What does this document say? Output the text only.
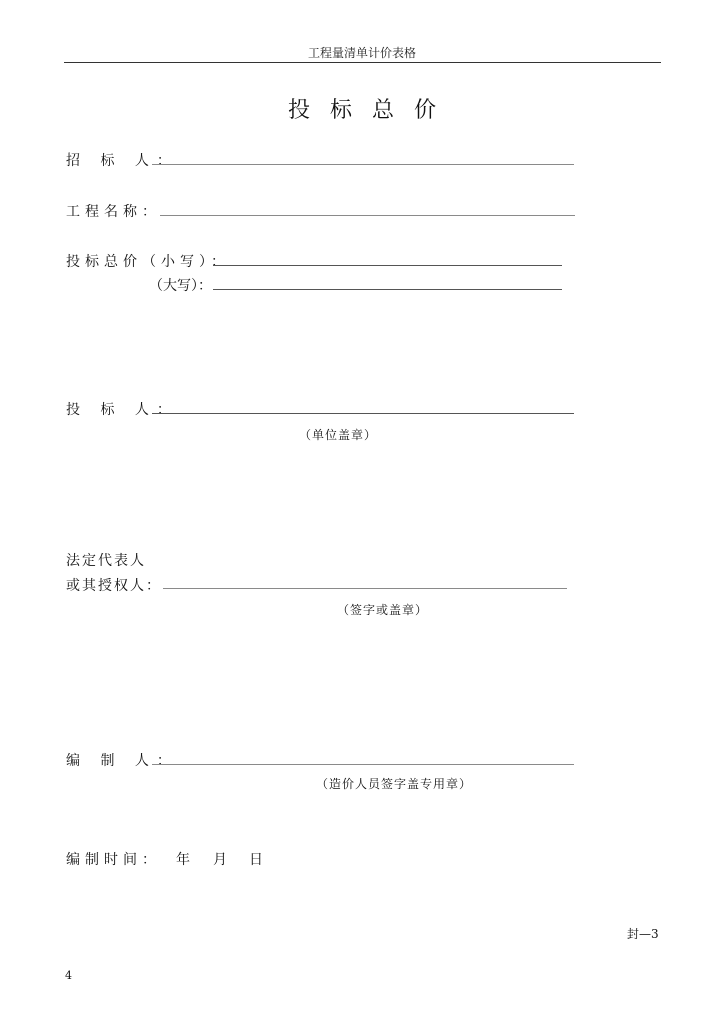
工程量清单计价表格
投标总价
招 标 人：
工程名称：
投标总价（小写）：
（大写）：
投 标 人：
（单位盖章）
法定代表人
或其授权人：
（签字或盖章）
编 制 人：
（造价人员签字盖专用章）
编制时间： 年 月 日
封—3
4
